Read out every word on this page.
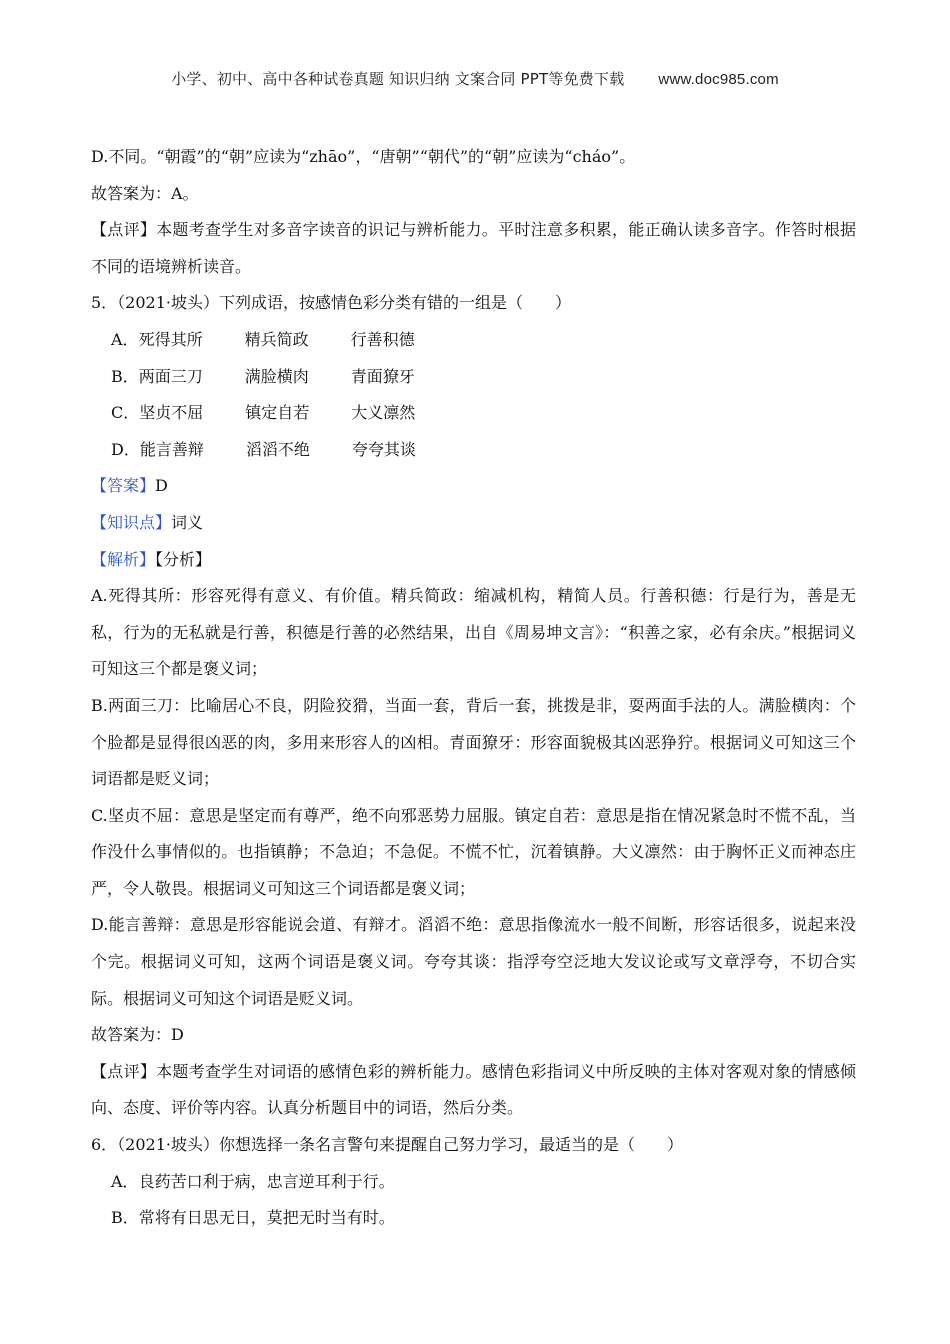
小学、初中、高中各种试卷真题 知识归纳 文案合同 PPT等免费下载 www.doc985.com
D.不同。“朝霞”的“朝”应读为“zhāo”，“唐朝”“朝代”的“朝”应读为“cháo”。
故答案为：A。
【点评】本题考查学生对多音字读音的识记与辨析能力。平时注意多积累，能正确认读多音字。作答时根据不同的语境辨析读音。
5．（2021·坡头）下列成语，按感情色彩分类有错的一组是（　　）
A．死得其所	精兵简政	行善积德
B．两面三刀	满脸横肉	青面獠牙
C．坚贞不屈	镇定自若	大义凛然
D．能言善辩	滔滔不绝	夸夸其谈
【答案】D
【知识点】词义
【解析】【分析】
A.死得其所：形容死得有意义、有价值。精兵简政：缩减机构，精简人员。行善积德：行是行为，善是无私，行为的无私就是行善，积德是行善的必然结果，出自《周易坤文言》：“积善之家，必有余庆。”根据词义可知这三个都是褒义词；
B.两面三刀：比喻居心不良，阴险狡猾，当面一套，背后一套，挑拨是非，耍两面手法的人。满脸横肉：个个脸都是显得很凶恶的肉，多用来形容人的凶相。青面獠牙：形容面貌极其凶恶狰狞。根据词义可知这三个词语都是贬义词；
C.坚贞不屈：意思是坚定而有尊严，绝不向邪恶势力屈服。镇定自若：意思是指在情况紧急时不慌不乱，当作没什么事情似的。也指镇静；不急迫；不急促。不慌不忙，沉着镇静。大义凛然：由于胸怀正义而神态庄严，令人敬畏。根据词义可知这三个词语都是褒义词；
D.能言善辩：意思是形容能说会道、有辩才。滔滔不绝：意思指像流水一般不间断，形容话很多，说起来没个完。根据词义可知，这两个词语是褒义词。夸夸其谈：指浮夸空泛地大发议论或写文章浮夸，不切合实际。根据词义可知这个词语是贬义词。
故答案为：D
【点评】本题考查学生对词语的感情色彩的辨析能力。感情色彩指词义中所反映的主体对客观对象的情感倾向、态度、评价等内容。认真分析题目中的词语，然后分类。
6．（2021·坡头）你想选择一条名言警句来提醒自己努力学习，最适当的是（　　）
A．良药苦口利于病，忠言逆耳利于行。
B．常将有日思无日，莫把无时当有时。
